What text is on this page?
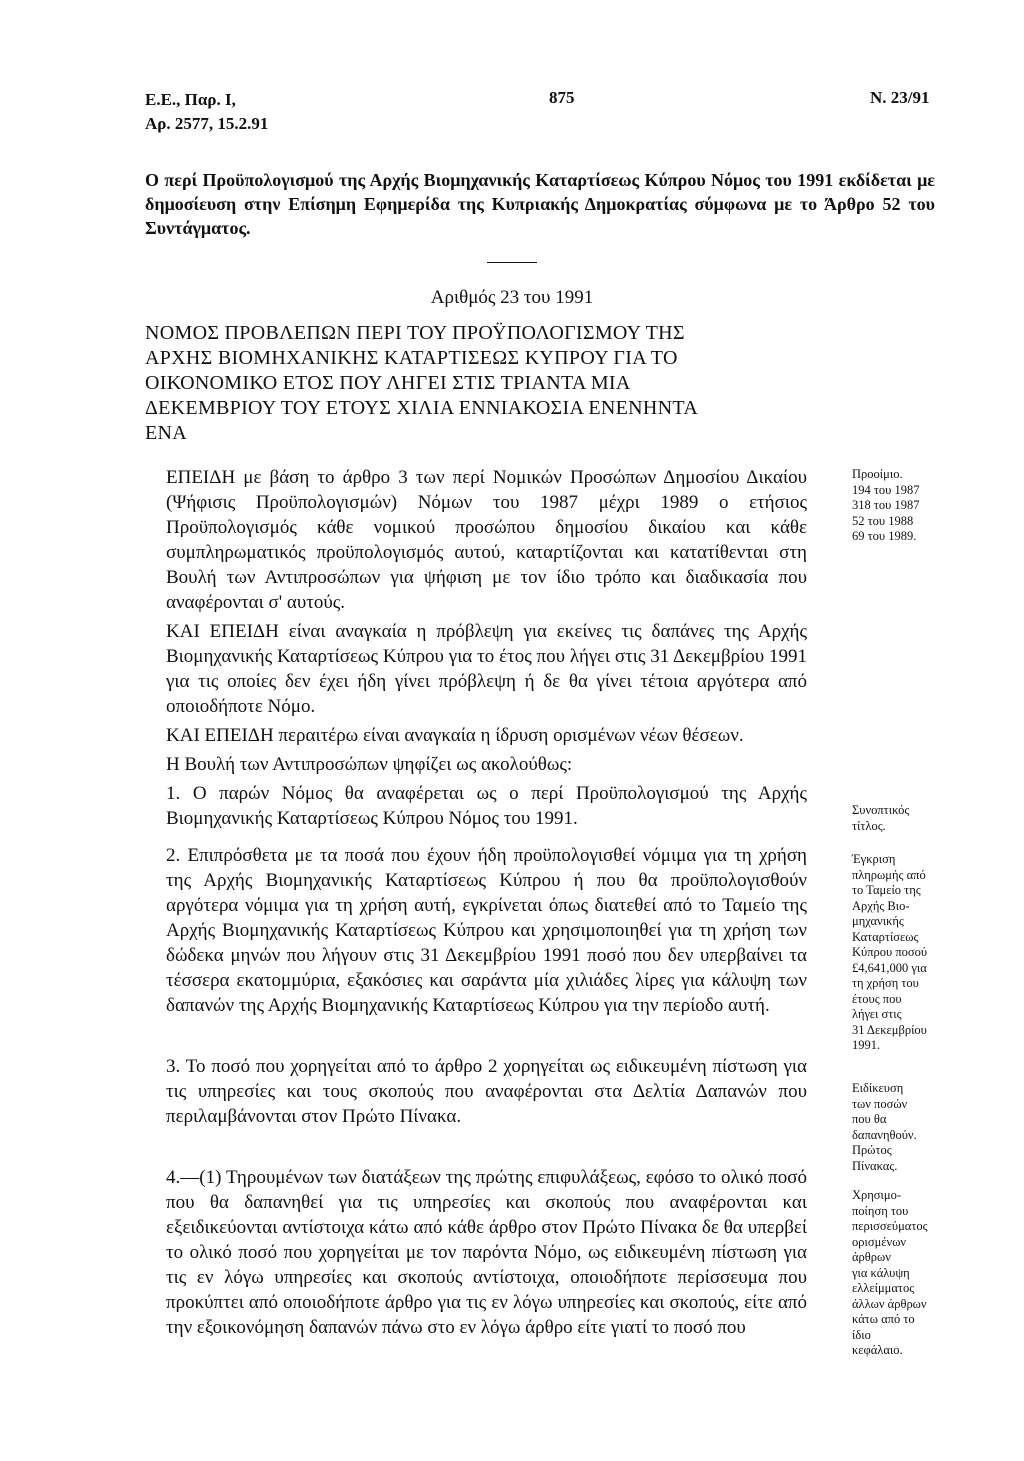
Ε.Ε., Παρ. Ι,
Αρ. 2577, 15.2.91
875	Ν. 23/91
Ο περί Προϋπολογισμού της Αρχής Βιομηχανικής Καταρτίσεως Κύπρου Νόμος του 1991 εκδίδεται με δημοσίευση στην Επίσημη Εφημερίδα της Κυπριακής Δημοκρατίας σύμφωνα με το Άρθρο 52 του Συντάγματος.
Αριθμός 23 του 1991
ΝΟΜΟΣ ΠΡΟΒΛΕΠΩΝ ΠΕΡΙ ΤΟΥ ΠΡΟΫΠΟΛΟΓΙΣΜΟΥ ΤΗΣ
ΑΡΧΗΣ ΒΙΟΜΗΧΑΝΙΚΗΣ ΚΑΤΑΡΤΙΣΕΩΣ ΚΥΠΡΟΥ ΓΙΑ ΤΟ
ΟΙΚΟΝΟΜΙΚΟ ΕΤΟΣ ΠΟΥ ΛΗΓΕΙ ΣΤΙΣ ΤΡΙΑΝΤΑ ΜΙΑ
ΔΕΚΕΜΒΡΙΟΥ ΤΟΥ ΕΤΟΥΣ ΧΙΛΙΑ ΕΝΝΙΑΚΟΣΙΑ ΕΝΕΝΗΝΤΑ
ΕΝΑ

ΕΠΕΙΔΗ με βάση το άρθρο 3 των περί Νομικών Προσώπων Δημοσίου Δικαίου (Ψήφισις Προϋπολογισμών) Νόμων του 1987 μέχρι 1989 ο ετήσιος Προϋπολογισμός κάθε νομικού προσώπου δημοσίου δικαίου και κάθε συμπληρωματικός προϋπολογισμός αυτού, καταρτίζονται και κατατίθενται στη Βουλή των Αντιπροσώπων για ψήφιση με τον ίδιο τρόπο και διαδικασία που αναφέρονται σ' αυτούς.

ΚΑΙ ΕΠΕΙΔΗ είναι αναγκαία η πρόβλεψη για εκείνες τις δαπάνες της Αρχής Βιομηχανικής Καταρτίσεως Κύπρου για το έτος που λήγει στις 31 Δεκεμβρίου 1991 για τις οποίες δεν έχει ήδη γίνει πρόβλεψη ή δε θα γίνει τέτοια αργότερα από οποιοδήποτε Νόμο.

ΚΑΙ ΕΠΕΙΔΗ περαιτέρω είναι αναγκαία η ίδρυση ορισμένων νέων θέσεων.

Η Βουλή των Αντιπροσώπων ψηφίζει ως ακολούθως:

1. Ο παρών Νόμος θα αναφέρεται ως ο περί Προϋπολογισμού της Αρχής Βιομηχανικής Καταρτίσεως Κύπρου Νόμος του 1991.

2. Επιπρόσθετα με τα ποσά που έχουν ήδη προϋπολογισθεί νόμιμα για τη χρήση της Αρχής Βιομηχανικής Καταρτίσεως Κύπρου ή που θα προϋπολογισθούν αργότερα νόμιμα για τη χρήση αυτή, εγκρίνεται όπως διατεθεί από το Ταμείο της Αρχής Βιομηχανικής Καταρτίσεως Κύπρου και χρησιμοποιηθεί για τη χρήση των δώδεκα μηνών που λήγουν στις 31 Δεκεμβρίου 1991 ποσό που δεν υπερβαίνει τα τέσσερα εκατομμύρια, εξακόσιες και σαράντα μία χιλιάδες λίρες για κάλυψη των δαπανών της Αρχής Βιομηχανικής Καταρτίσεως Κύπρου για την περίοδο αυτή.

3. Το ποσό που χορηγείται από το άρθρο 2 χορηγείται ως ειδικευμένη πίστωση για τις υπηρεσίες και τους σκοπούς που αναφέρονται στα Δελτία Δαπανών που περιλαμβάνονται στον Πρώτο Πίνακα.

4.—(1) Τηρουμένων των διατάξεων της πρώτης επιφυλάξεως, εφόσο το ολικό ποσό που θα δαπανηθεί για τις υπηρεσίες και σκοπούς που αναφέρονται και εξειδικεύονται αντίστοιχα κάτω από κάθε άρθρο στον Πρώτο Πίνακα δε θα υπερβεί το ολικό ποσό που χορηγείται με τον παρόντα Νόμο, ως ειδικευμένη πίστωση για τις εν λόγω υπηρεσίες και σκοπούς αντίστοιχα, οποιοδήποτε περίσσευμα που προκύπτει από οποιοδήποτε άρθρο για τις εν λόγω υπηρεσίες και σκοπούς, είτε από την εξοικονόμηση δαπανών πάνω στο εν λόγω άρθρο είτε γιατί το ποσό που

Προοίμιο.
194 του 1987
318 του 1987
52 του 1988
69 του 1989.
Συνοπτικός
τίτλος.
Έγκριση
πληρωμής από
το Ταμείο της
Αρχής Βιο-
μηχανικής
Καταρτίσεως
Κύπρου ποσού
£4,641,000 για
τη χρήση του
έτους που
λήγει στις
31 Δεκεμβρίου
1991.
Ειδίκευση
των ποσών
που θα
δαπανηθούν.
Πρώτος
Πίνακας.
Χρησιμο-
ποίηση του
περισσεύματος
ορισμένων
άρθρων
για κάλυψη
ελλείμματος
άλλων άρθρων
κάτω από το
ίδιο
κεφάλαιο.
